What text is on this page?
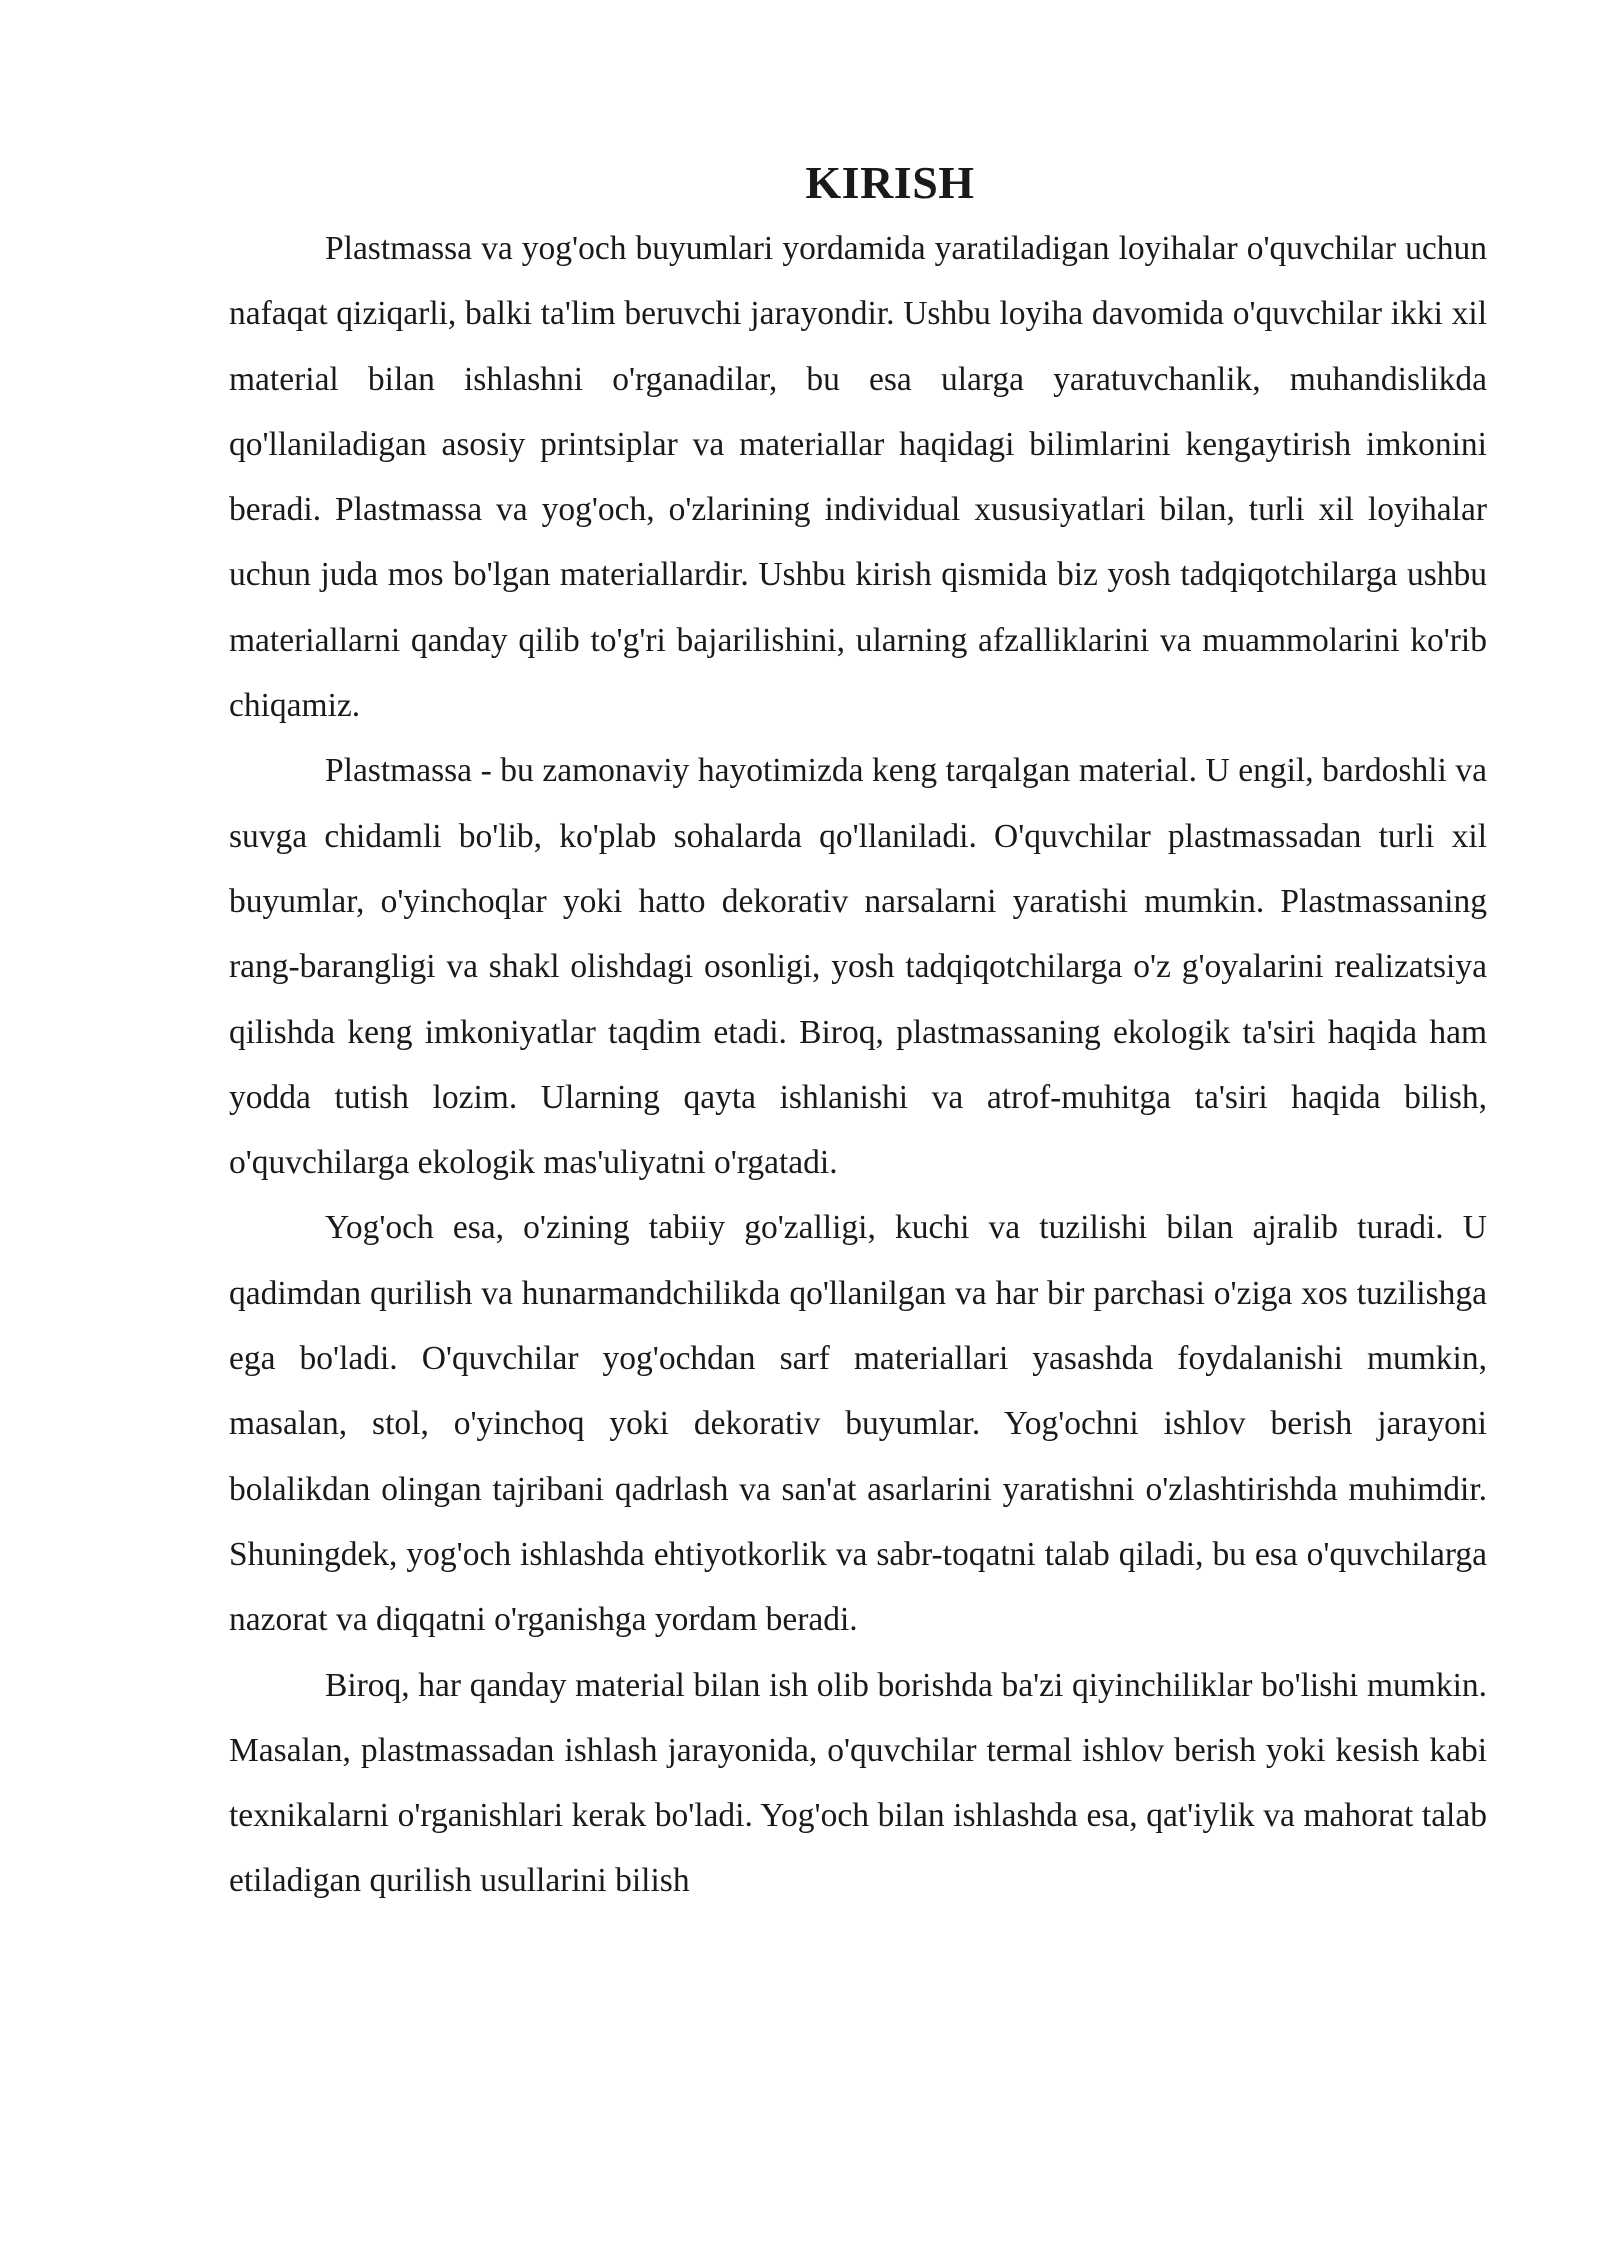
KIRISH

Plastmassa va yog'och buyumlari yordamida yaratiladigan loyihalar o'quvchilar uchun nafaqat qiziqarli, balki ta'lim beruvchi jarayondir. Ushbu loyiha davomida o'quvchilar ikki xil material bilan ishlashni o'rganadilar, bu esa ularga yaratuvchanlik, muhandislikda qo'llaniladigan asosiy printsiplar va materiallar haqidagi bilimlarini kengaytirish imkonini beradi. Plastmassa va yog'och, o'zlarining individual xususiyatlari bilan, turli xil loyihalar uchun juda mos bo'lgan materiallardir. Ushbu kirish qismida biz yosh tadqiqotchilarga ushbu materiallarni qanday qilib to'g'ri bajarilishini, ularning afzalliklarini va muammolarini ko'rib chiqamiz.

Plastmassa - bu zamonaviy hayotimizda keng tarqalgan material. U engil, bardoshli va suvga chidamli bo'lib, ko'plab sohalarda qo'llaniladi. O'quvchilar plastmassadan turli xil buyumlar, o'yinchoqlar yoki hatto dekorativ narsalarni yaratishi mumkin. Plastmassaning rang-barangligi va shakl olishdagi osonligi, yosh tadqiqotchilarga o'z g'oyalarini realizatsiya qilishda keng imkoniyatlar taqdim etadi. Biroq, plastmassaning ekologik ta'siri haqida ham yodda tutish lozim. Ularning qayta ishlanishi va atrof-muhitga ta'siri haqida bilish, o'quvchilarga ekologik mas'uliyatni o'rgatadi.

Yog'och esa, o'zining tabiiy go'zalligi, kuchi va tuzilishi bilan ajralib turadi. U qadimdan qurilish va hunarmandchilikda qo'llanilgan va har bir parchasi o'ziga xos tuzilishga ega bo'ladi. O'quvchilar yog'ochdan sarf materiallari yasashda foydalanishi mumkin, masalan, stol, o'yinchoq yoki dekorativ buyumlar. Yog'ochni ishlov berish jarayoni bolalikdan olingan tajribani qadrlash va san'at asarlarini yaratishni o'zlashtirishda muhimdir. Shuningdek, yog'och ishlashda ehtiyotkorlik va sabr-toqatni talab qiladi, bu esa o'quvchilarga nazorat va diqqatni o'rganishga yordam beradi.

Biroq, har qanday material bilan ish olib borishda ba'zi qiyinchiliklar bo'lishi mumkin. Masalan, plastmassadan ishlash jarayonida, o'quvchilar termal ishlov berish yoki kesish kabi texnikalarni o'rganishlari kerak bo'ladi. Yog'och bilan ishlashda esa, qat'iylik va mahorat talab etiladigan qurilish usullarini bilish
